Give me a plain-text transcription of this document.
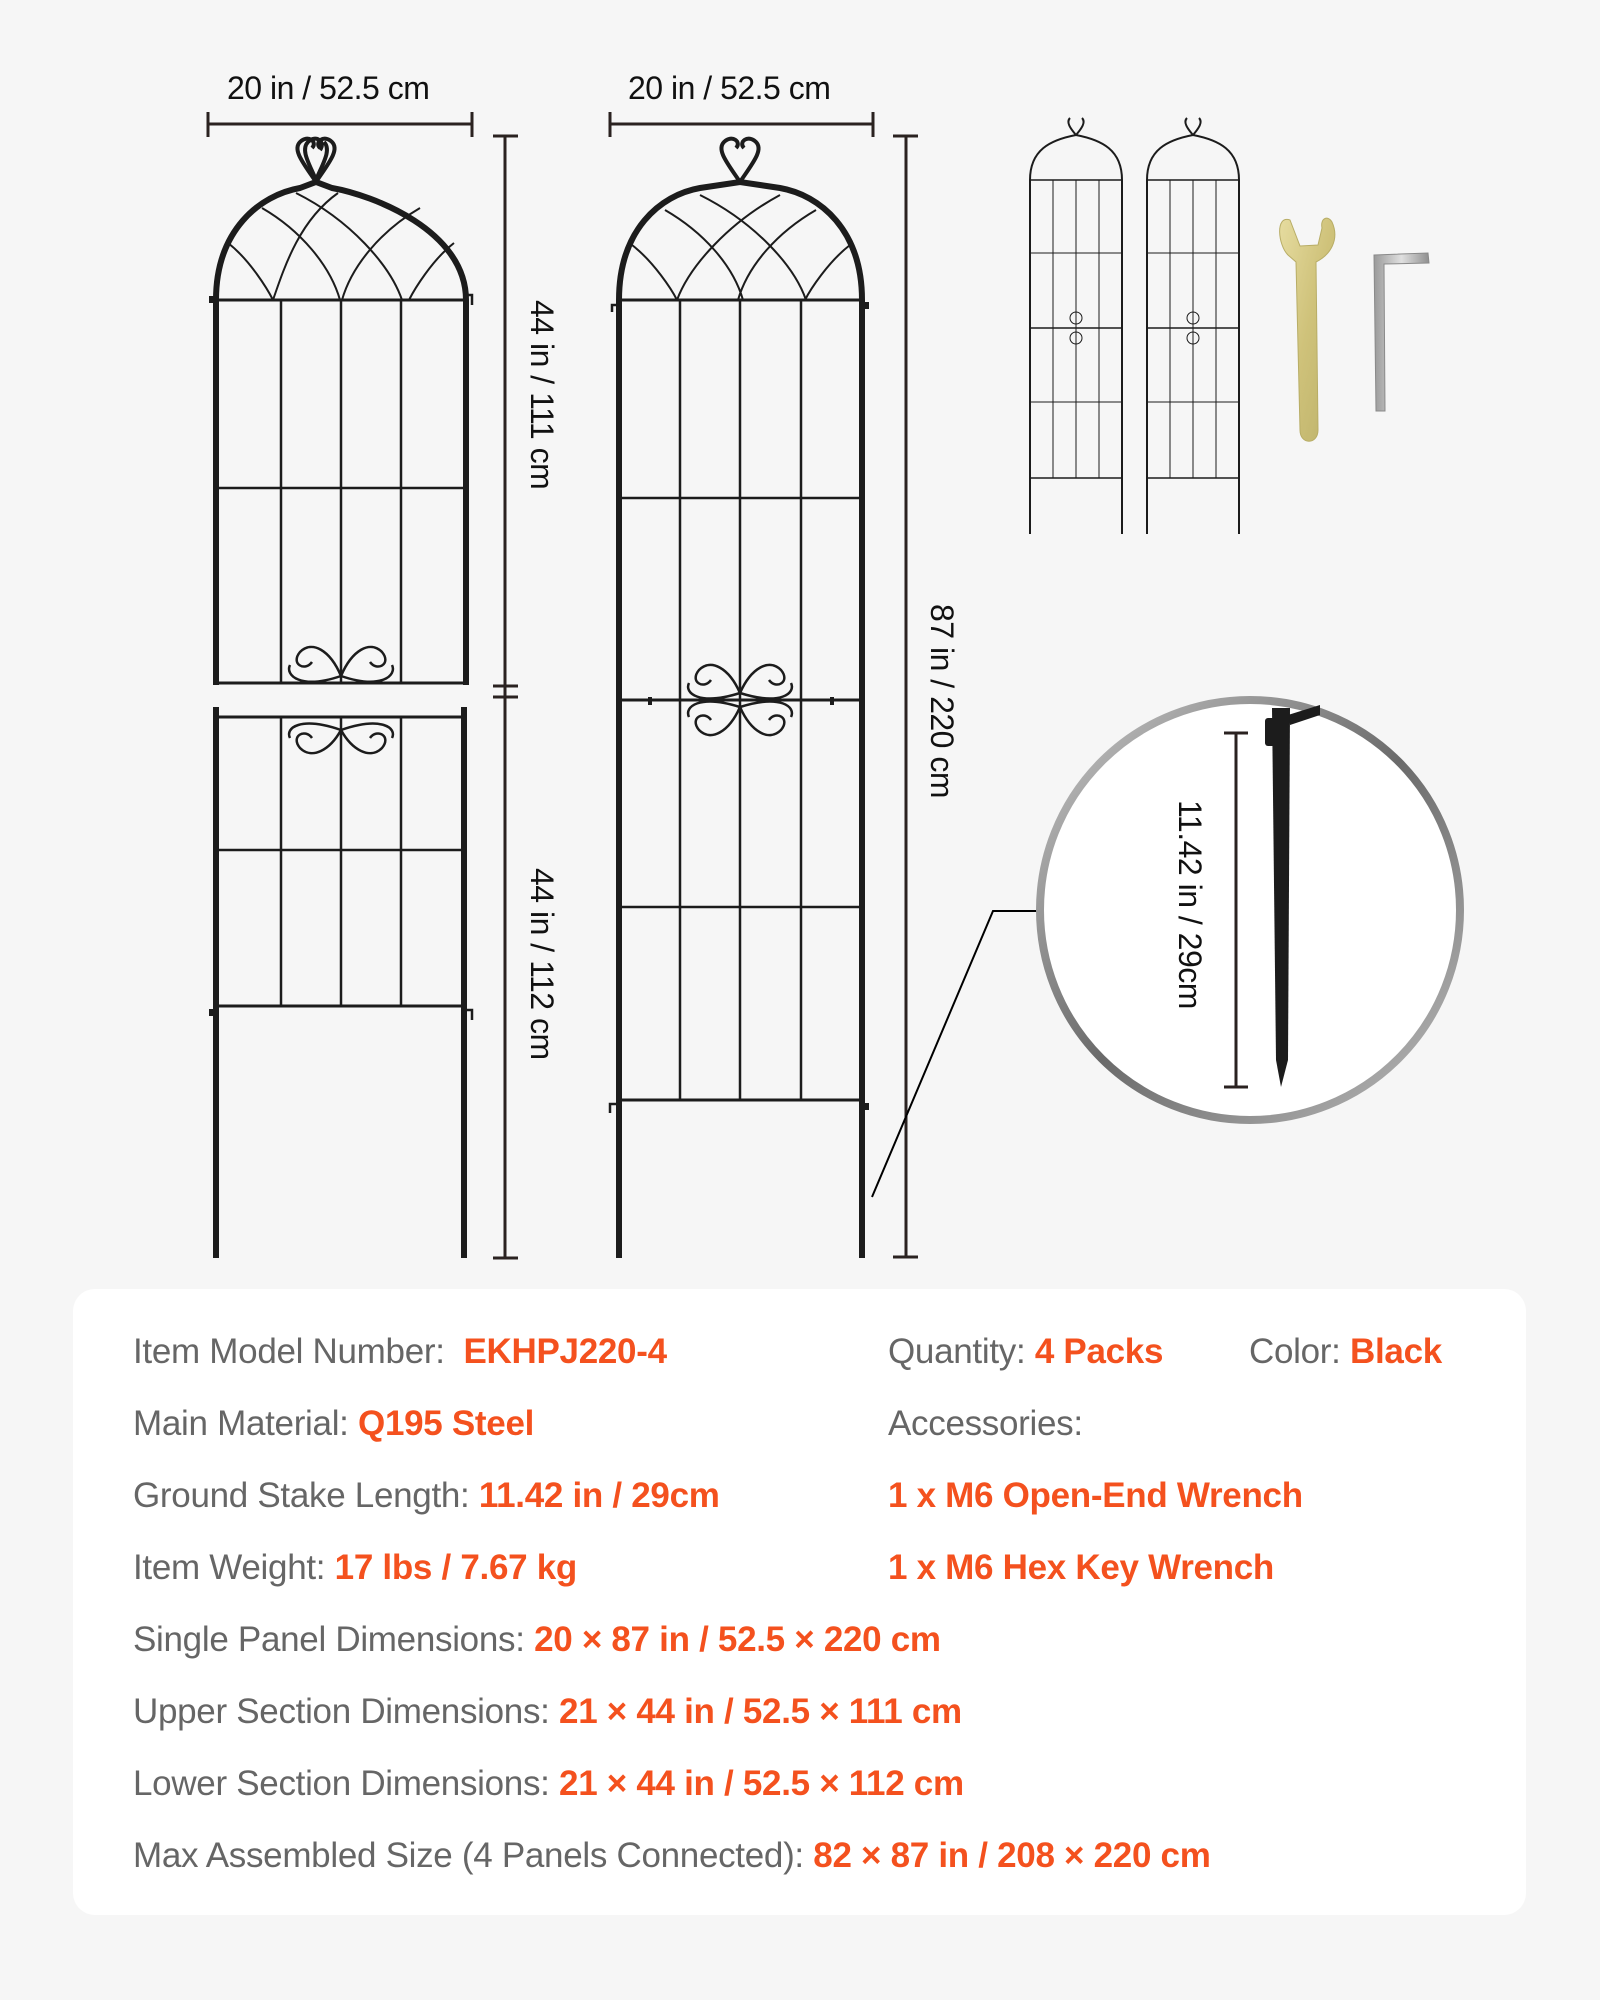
20 in / 52.5 cm	20 in / 52.5 cm
44 in / 111 cm
44 in / 112 cm
87 in / 220 cm
11.42 in / 29cm
Item Model Number: EKHPJ220-4	Quantity: 4 Packs Color: Black
Main Material: Q195 Steel	Accessories:
Ground Stake Length: 11.42 in / 29cm	1 x M6 Open-End Wrench
Item Weight: 17 lbs / 7.67 kg	1 x M6 Hex Key Wrench
Single Panel Dimensions: 20 × 87 in / 52.5 × 220 cm
Upper Section Dimensions: 21 × 44 in / 52.5 × 111 cm
Lower Section Dimensions: 21 × 44 in / 52.5 × 112 cm
Max Assembled Size (4 Panels Connected): 82 × 87 in / 208 × 220 cm
